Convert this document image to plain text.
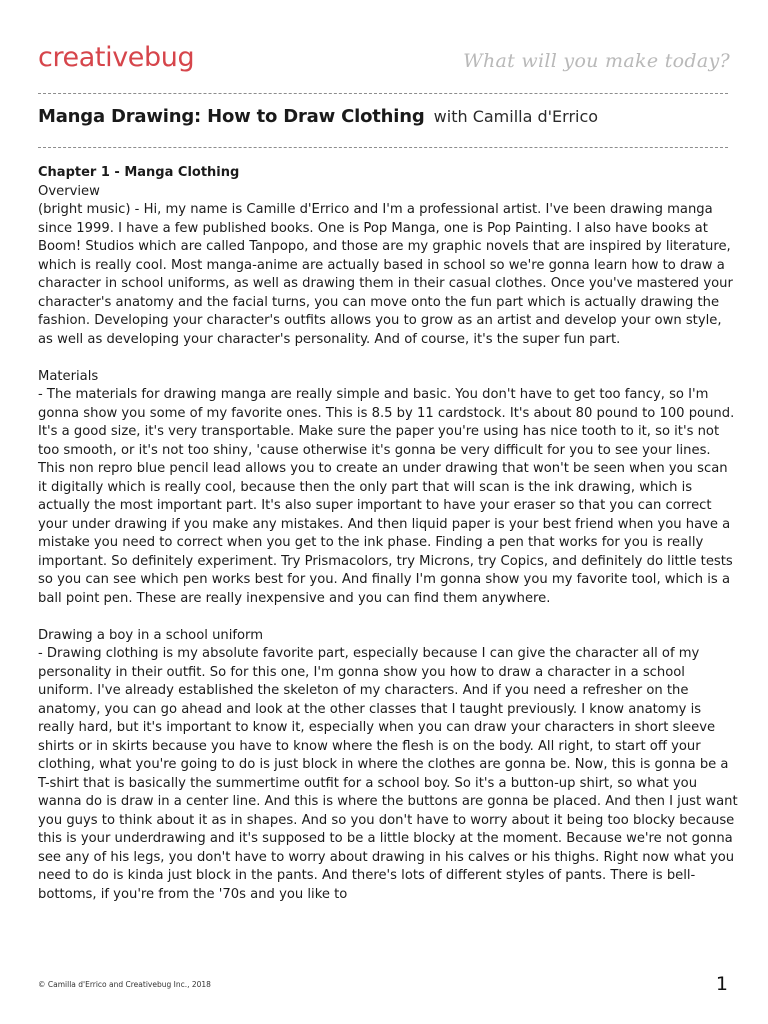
creativebug	What will you make today?
Manga Drawing: How to Draw Clothing with Camilla d'Errico
Chapter 1 - Manga Clothing
Overview

(bright music) - Hi, my name is Camille d'Errico and I'm a professional artist. I've been drawing manga since 1999. I have a few published books. One is Pop Manga, one is Pop Painting. I also have books at Boom! Studios which are called Tanpopo, and those are my graphic novels that are inspired by literature, which is really cool. Most manga-anime are actually based in school so we're gonna learn how to draw a character in school uniforms, as well as drawing them in their casual clothes. Once you've mastered your character's anatomy and the facial turns, you can move onto the fun part which is actually drawing the fashion. Developing your character's outfits allows you to grow as an artist and develop your own style, as well as developing your character's personality. And of course, it's the super fun part.

Materials

- The materials for drawing manga are really simple and basic. You don't have to get too fancy, so I'm gonna show you some of my favorite ones. This is 8.5 by 11 cardstock. It's about 80 pound to 100 pound. It's a good size, it's very transportable. Make sure the paper you're using has nice tooth to it, so it's not too smooth, or it's not too shiny, 'cause otherwise it's gonna be very difficult for you to see your lines. This non repro blue pencil lead allows you to create an under drawing that won't be seen when you scan it digitally which is really cool, because then the only part that will scan is the ink drawing, which is actually the most important part. It's also super important to have your eraser so that you can correct your under drawing if you make any mistakes. And then liquid paper is your best friend when you have a mistake you need to correct when you get to the ink phase. Finding a pen that works for you is really important. So definitely experiment. Try Prismacolors, try Microns, try Copics, and definitely do little tests so you can see which pen works best for you. And finally I'm gonna show you my favorite tool, which is a ball point pen. These are really inexpensive and you can find them anywhere.

Drawing a boy in a school uniform

- Drawing clothing is my absolute favorite part, especially because I can give the character all of my personality in their outfit. So for this one, I'm gonna show you how to draw a character in a school uniform. I've already established the skeleton of my characters. And if you need a refresher on the anatomy, you can go ahead and look at the other classes that I taught previously. I know anatomy is really hard, but it's important to know it, especially when you can draw your characters in short sleeve shirts or in skirts because you have to know where the flesh is on the body. All right, to start off your clothing, what you're going to do is just block in where the clothes are gonna be. Now, this is gonna be a T-shirt that is basically the summertime outfit for a school boy. So it's a button-up shirt, so what you wanna do is draw in a center line. And this is where the buttons are gonna be placed. And then I just want you guys to think about it as in shapes. And so you don't have to worry about it being too blocky because this is your underdrawing and it's supposed to be a little blocky at the moment. Because we're not gonna see any of his legs, you don't have to worry about drawing in his calves or his thighs. Right now what you need to do is kinda just block in the pants. And there's lots of different styles of pants. There is bell-bottoms, if you're from the '70s and you like to

© Camilla d'Errico and Creativebug Inc., 2018	1
